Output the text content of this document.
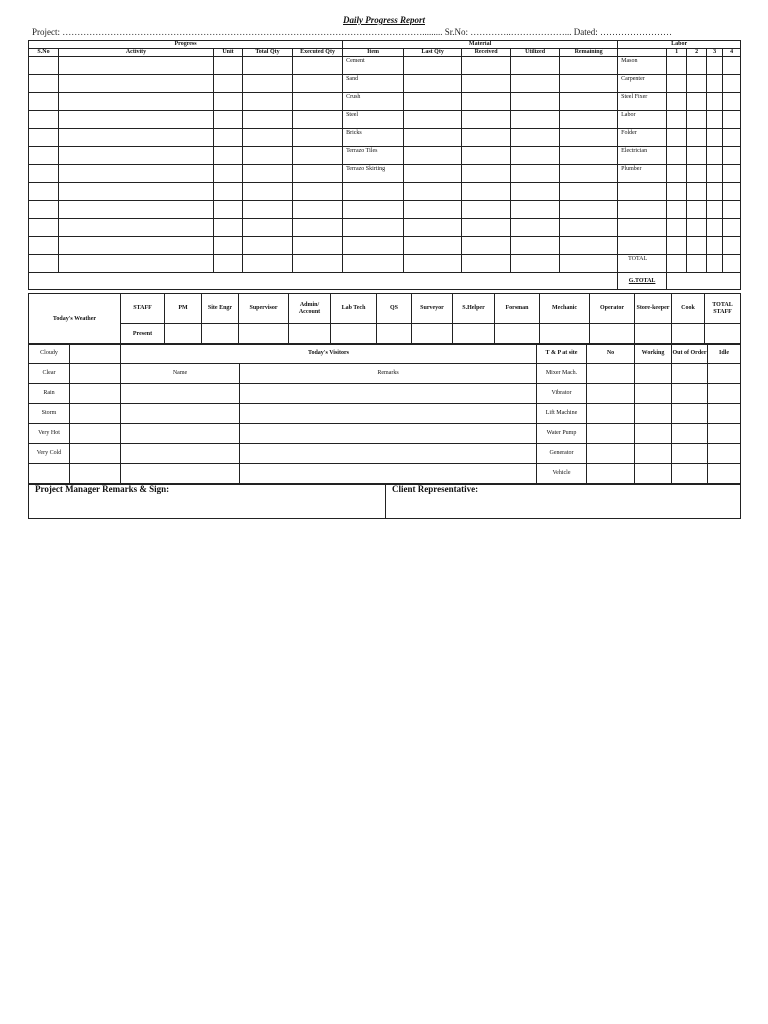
Daily Progress Report
Project: …………………………………………………………………………………………………………......... Sr.No: …………..………………... Dated: ……………………
Progress					Material					Labor				
S.No	Activity	Unit	Total Qty	Executed Qty	Item	Last Qty	Received	Utilized	Remaining		1	2	3	4
					Cement					Mason				
					Sand					Carpenter				
					Crush					Steel Fixer				
					Steel					Labor				
					Bricks					Folder				
					Terrazo Tiles					Electrician				
					Terrazo Skirting					Plumber				

										TOTAL				
										G.TOTAL				
Today's Weather	STAFF	PM	Site Engr	Supervisor	Admin/ Account	Lab Tech	QS	Surveyor	S.Helper	Forsman	Mechanic	Operator	Store-keeper	Cook	TOTAL STAFF
	Present														
Cloudy		Today's Visitors		T & P at site	No	Working	Out of Order	Idle
Clear		Name	Remarks	Mixer Mach.				
Rain				Vibrator				
Storm				Lift Machine				
Very Hot				Water Pump				
Very Cold				Generator				
				Vehicle				
Project Manager Remarks & Sign:	Client Representative:
